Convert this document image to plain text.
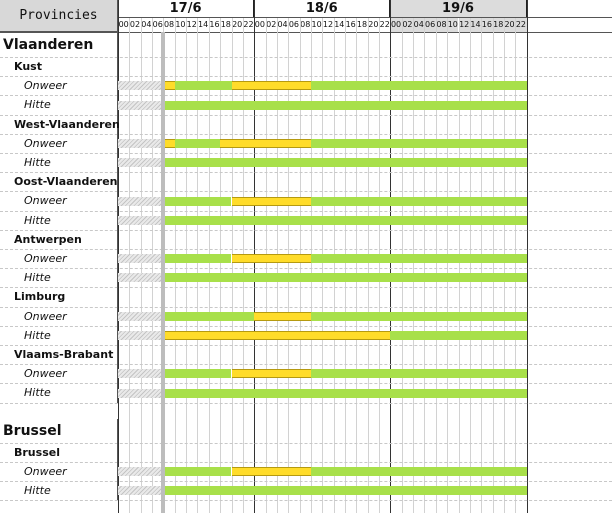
Provincies	17/6
00 02 04 06 08 10 12 14 16 18 20 22
18/6
00 02 04 06 08 10 12 14 16 18 20 22
19/6
00 02 04 06 08 10 12 14 16 18 20 22
Vlaanderen
Kust
Onweer
Hitte
West-Vlaanderen
Onweer
Hitte
Oost-Vlaanderen
Onweer
Hitte
Antwerpen
Onweer
Hitte
Limburg
Onweer
Hitte
Vlaams-Brabant
Onweer
Hitte
Brussel
Brussel
Onweer
Hitte
